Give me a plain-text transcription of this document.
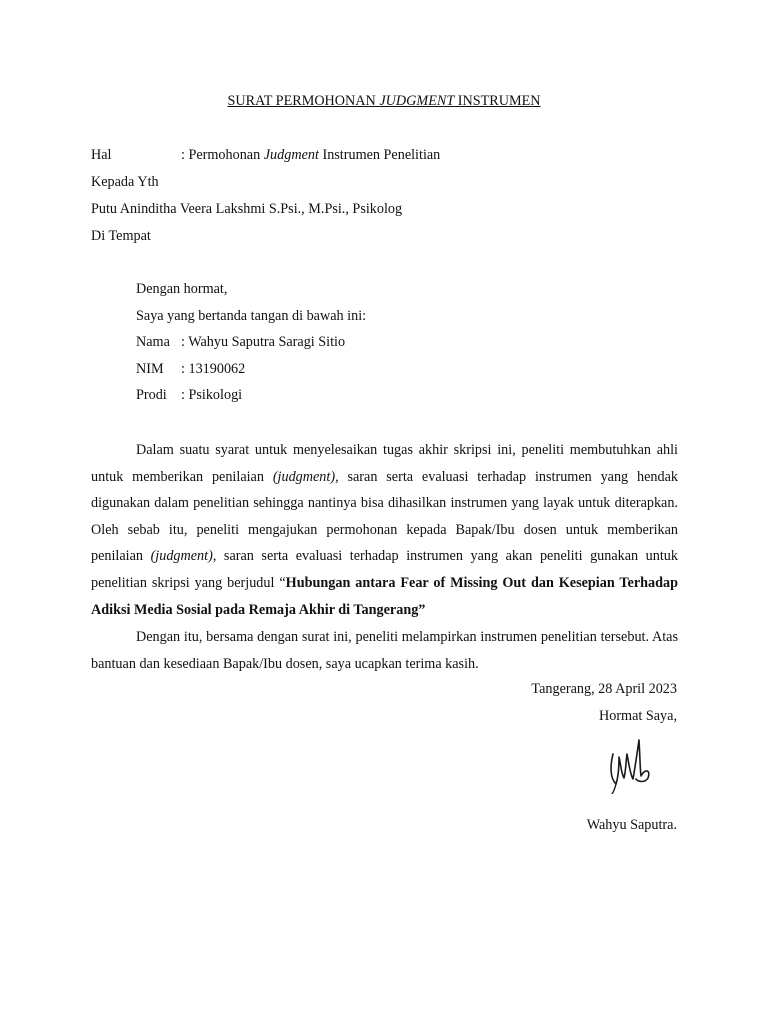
SURAT PERMOHONAN JUDGMENT INSTRUMEN
Hal	: Permohonan Judgment Instrumen Penelitian
Kepada Yth
Putu Aninditha Veera Lakshmi S.Psi., M.Psi., Psikolog
Di Tempat
Dengan hormat,
Saya yang bertanda tangan di bawah ini:
Nama : Wahyu Saputra Saragi Sitio
NIM : 13190062
Prodi : Psikologi
Dalam suatu syarat untuk menyelesaikan tugas akhir skripsi ini, peneliti membutuhkan ahli untuk memberikan penilaian (judgment), saran serta evaluasi terhadap instrumen yang hendak digunakan dalam penelitian sehingga nantinya bisa dihasilkan instrumen yang layak untuk diterapkan. Oleh sebab itu, peneliti mengajukan permohonan kepada Bapak/Ibu dosen untuk memberikan penilaian (judgment), saran serta evaluasi terhadap instrumen yang akan peneliti gunakan untuk penelitian skripsi yang berjudul “Hubungan antara Fear of Missing Out dan Kesepian Terhadap Adiksi Media Sosial pada Remaja Akhir di Tangerang”
Dengan itu, bersama dengan surat ini, peneliti melampirkan instrumen penelitian tersebut. Atas bantuan dan kesediaan Bapak/Ibu dosen, saya ucapkan terima kasih.
Tangerang, 28 April 2023
Hormat Saya,
Wahyu Saputra.
